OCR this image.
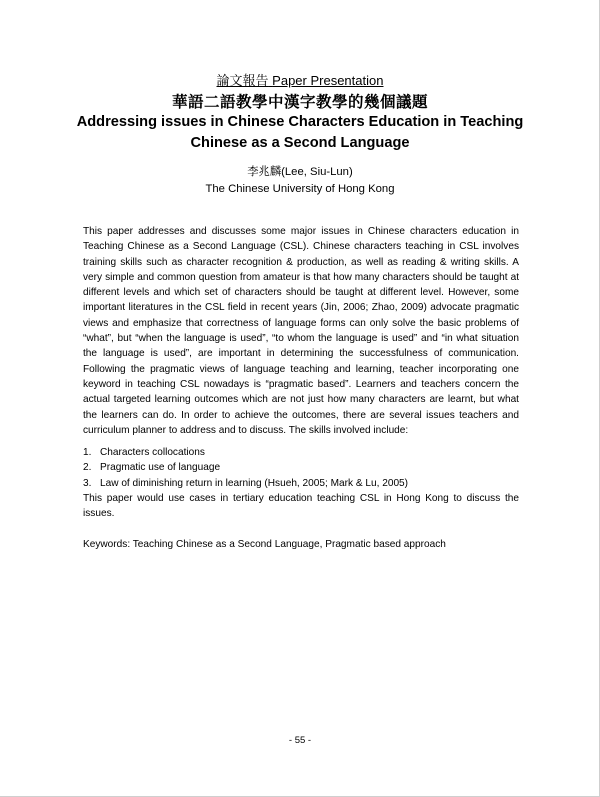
論文報告 Paper Presentation
華語二語教學中漢字教學的幾個議題
Addressing issues in Chinese Characters Education in Teaching Chinese as a Second Language
李兆麟(Lee, Siu-Lun)
The Chinese University of Hong Kong
This paper addresses and discusses some major issues in Chinese characters education in Teaching Chinese as a Second Language (CSL). Chinese characters teaching in CSL involves training skills such as character recognition & production, as well as reading & writing skills. A very simple and common question from amateur is that how many characters should be taught at different levels and which set of characters should be taught at different level. However, some important literatures in the CSL field in recent years (Jin, 2006; Zhao, 2009) advocate pragmatic views and emphasize that correctness of language forms can only solve the basic problems of “what”, but “when the language is used”, “to whom the language is used” and “in what situation the language is used”, are important in determining the successfulness of communication. Following the pragmatic views of language teaching and learning, teacher incorporating one keyword in teaching CSL nowadays is “pragmatic based”. Learners and teachers concern the actual targeted learning outcomes which are not just how many characters are learnt, but what the learners can do. In order to achieve the outcomes, there are several issues teachers and curriculum planner to address and to discuss. The skills involved include:
1. Characters collocations
2. Pragmatic use of language
3. Law of diminishing return in learning (Hsueh, 2005; Mark & Lu, 2005)
This paper would use cases in tertiary education teaching CSL in Hong Kong to discuss the issues.
Keywords: Teaching Chinese as a Second Language, Pragmatic based approach
- 55 -
